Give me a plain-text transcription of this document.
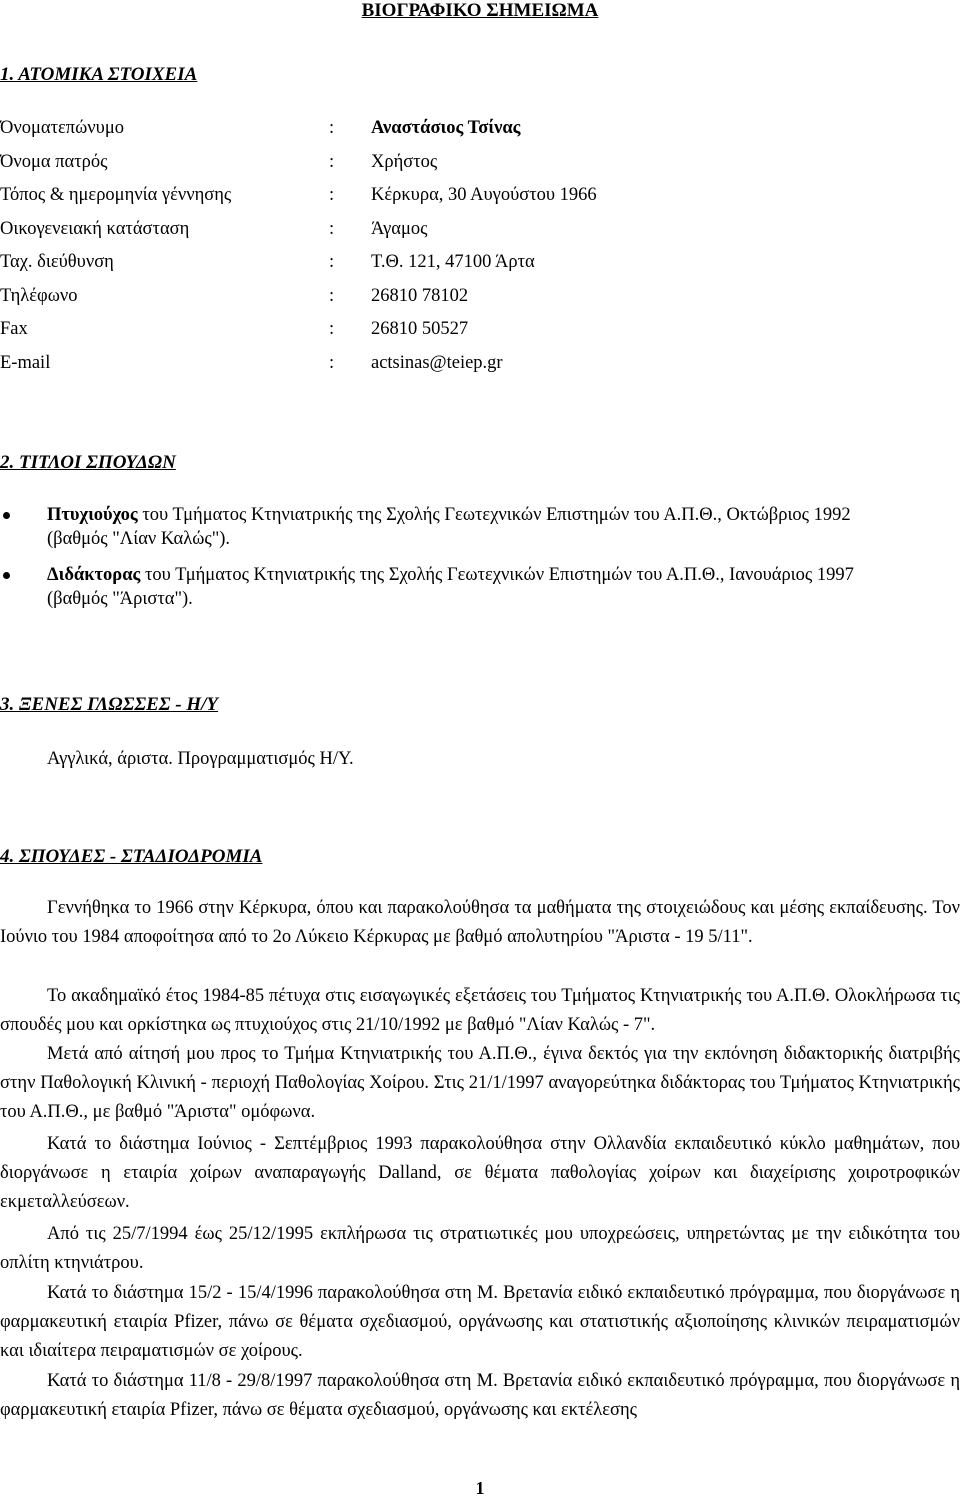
ΒΙΟΓΡΑΦΙΚΟ ΣΗΜΕΙΩΜΑ
1. ΑΤΟΜΙΚΑ ΣΤΟΙΧΕΙΑ
Όνοματεπώνυμο	: Αναστάσιος Τσίνας
Όνομα πατρός	: Χρήστος
Τόπος & ημερομηνία γέννησης	: Κέρκυρα, 30 Αυγούστου 1966
Οικογενειακή κατάσταση	: Άγαμος
Ταχ. διεύθυνση	: Τ.Θ. 121, 47100 Άρτα
Τηλέφωνο	: 26810 78102
Fax	: 26810 50527
E-mail	: actsinas@teiep.gr
2. ΤΙΤΛΟΙ ΣΠΟΥΔΩΝ
Πτυχιούχος του Τμήματος Κτηνιατρικής της Σχολής Γεωτεχνικών Επιστημών του Α.Π.Θ., Οκτώβριος 1992
(βαθμός "Λίαν Καλώς").
Διδάκτορας του Τμήματος Κτηνιατρικής της Σχολής Γεωτεχνικών Επιστημών του Α.Π.Θ., Ιανουάριος 1997
(βαθμός "Άριστα").
3. ΞΕΝΕΣ ΓΛΩΣΣΕΣ - Η/Υ
Αγγλικά, άριστα. Προγραμματισμός Η/Υ.
4. ΣΠΟΥΔΕΣ - ΣΤΑΔΙΟΔΡΟΜΙΑ
Γεννήθηκα το 1966 στην Κέρκυρα, όπου και παρακολούθησα τα μαθήματα της στοιχειώδους και μέσης εκπαίδευσης. Τον Ιούνιο του 1984 αποφοίτησα από το 2ο Λύκειο Κέρκυρας με βαθμό απολυτηρίου "Άριστα - 19 5/11".
Το ακαδημαϊκό έτος 1984-85 πέτυχα στις εισαγωγικές εξετάσεις του Τμήματος Κτηνιατρικής του Α.Π.Θ. Ολοκλήρωσα τις σπουδές μου και ορκίστηκα ως πτυχιούχος στις 21/10/1992 με βαθμό "Λίαν Καλώς - 7".
Μετά από αίτησή μου προς το Τμήμα Κτηνιατρικής του Α.Π.Θ., έγινα δεκτός για την εκπόνηση διδακτορικής διατριβής στην Παθολογική Κλινική - περιοχή Παθολογίας Χοίρου. Στις 21/1/1997 αναγορεύτηκα διδάκτορας του Τμήματος Κτηνιατρικής του Α.Π.Θ., με βαθμό "Άριστα" ομόφωνα.
Κατά το διάστημα Ιούνιος - Σεπτέμβριος 1993 παρακολούθησα στην Ολλανδία εκπαιδευτικό κύκλο μαθημάτων, που διοργάνωσε η εταιρία χοίρων αναπαραγωγής Dalland, σε θέματα παθολογίας χοίρων και διαχείρισης χοιροτροφικών εκμεταλλεύσεων.
Από τις 25/7/1994 έως 25/12/1995 εκπλήρωσα τις στρατιωτικές μου υποχρεώσεις, υπηρετώντας με την ειδικότητα του οπλίτη κτηνιάτρου.
Κατά το διάστημα 15/2 - 15/4/1996 παρακολούθησα στη Μ. Βρετανία ειδικό εκπαιδευτικό πρόγραμμα, που διοργάνωσε η φαρμακευτική εταιρία Pfizer, πάνω σε θέματα σχεδιασμού, οργάνωσης και στατιστικής αξιοποίησης κλινικών πειραματισμών και ιδιαίτερα πειραματισμών σε χοίρους.
Κατά το διάστημα 11/8 - 29/8/1997 παρακολούθησα στη Μ. Βρετανία ειδικό εκπαιδευτικό πρόγραμμα, που διοργάνωσε η φαρμακευτική εταιρία Pfizer, πάνω σε θέματα σχεδιασμού, οργάνωσης και εκτέλεσης
1
